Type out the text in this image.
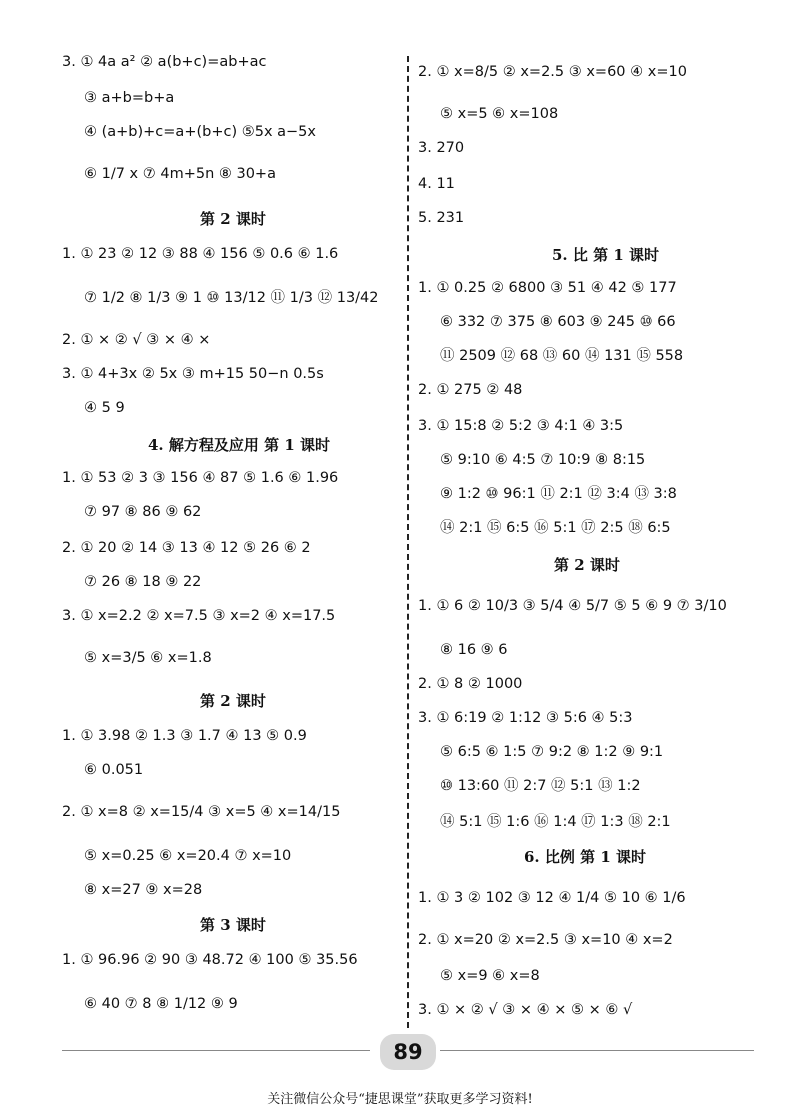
3. ① 4a a² ② a(b+c)=ab+ac
③ a+b=b+a
④ (a+b)+c=a+(b+c) ⑤5x a−5x
⑥ 1/7 x ⑦ 4m+5n ⑧ 30+a
第 2 课时
1. ① 23 ② 12 ③ 88 ④ 156 ⑤ 0.6 ⑥ 1.6
⑦ 1/2 ⑧ 1/3 ⑨ 1 ⑩ 13/12 ⑪ 1/3 ⑫ 13/42
2. ① × ② √ ③ × ④ ×
3. ① 4+3x ② 5x ③ m+15 50−n 0.5s
④ 5 9
4. 解方程及应用 第 1 课时
1. ① 53 ② 3 ③ 156 ④ 87 ⑤ 1.6 ⑥ 1.96
⑦ 97 ⑧ 86 ⑨ 62
2. ① 20 ② 14 ③ 13 ④ 12 ⑤ 26 ⑥ 2
⑦ 26 ⑧ 18 ⑨ 22
3. ① x=2.2 ② x=7.5 ③ x=2 ④ x=17.5
⑤ x=3/5 ⑥ x=1.8
第 2 课时
1. ① 3.98 ② 1.3 ③ 1.7 ④ 13 ⑤ 0.9
⑥ 0.051
2. ① x=8 ② x=15/4 ③ x=5 ④ x=14/15
⑤ x=0.25 ⑥ x=20.4 ⑦ x=10
⑧ x=27 ⑨ x=28
第 3 课时
1. ① 96.96 ② 90 ③ 48.72 ④ 100 ⑤ 35.56
⑥ 40 ⑦ 8 ⑧ 1/12 ⑨ 9
2. ① x=8/5 ② x=2.5 ③ x=60 ④ x=10
⑤ x=5 ⑥ x=108
3. 270
4. 11
5. 231
5. 比 第 1 课时
1. ① 0.25 ② 6800 ③ 51 ④ 42 ⑤ 177
⑥ 332 ⑦ 375 ⑧ 603 ⑨ 245 ⑩ 66
⑪ 2509 ⑫ 68 ⑬ 60 ⑭ 131 ⑮ 558
2. ① 275 ② 48
3. ① 15:8 ② 5:2 ③ 4:1 ④ 3:5
⑤ 9:10 ⑥ 4:5 ⑦ 10:9 ⑧ 8:15
⑨ 1:2 ⑩ 96:1 ⑪ 2:1 ⑫ 3:4 ⑬ 3:8
⑭ 2:1 ⑮ 6:5 ⑯ 5:1 ⑰ 2:5 ⑱ 6:5
第 2 课时
1. ① 6 ② 10/3 ③ 5/4 ④ 5/7 ⑤ 5 ⑥ 9 ⑦ 3/10
⑧ 16 ⑨ 6
2. ① 8 ② 1000
3. ① 6:19 ② 1:12 ③ 5:6 ④ 5:3
⑤ 6:5 ⑥ 1:5 ⑦ 9:2 ⑧ 1:2 ⑨ 9:1
⑩ 13:60 ⑪ 2:7 ⑫ 5:1 ⑬ 1:2
⑭ 5:1 ⑮ 1:6 ⑯ 1:4 ⑰ 1:3 ⑱ 2:1
6. 比例 第 1 课时
1. ① 3 ② 102 ③ 12 ④ 1/4 ⑤ 10 ⑥ 1/6
2. ① x=20 ② x=2.5 ③ x=10 ④ x=2
⑤ x=9 ⑥ x=8
3. ① × ② √ ③ × ④ × ⑤ × ⑥ √
89
关注微信公众号“捷思课堂”获取更多学习资料!
